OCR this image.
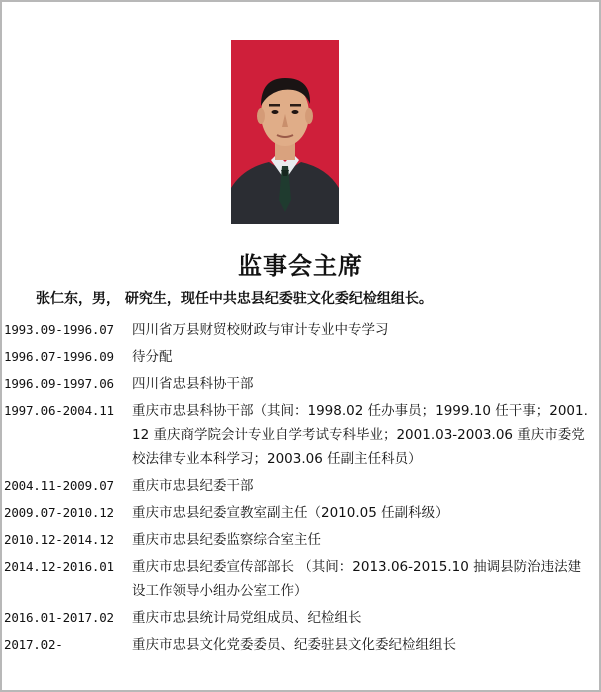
监事会主席
张仁东，男， 研究生，现任中共忠县纪委驻文化委纪检组组长。
1993.09-1996.07	四川省万县财贸校财政与审计专业中专学习
1996.07-1996.09	待分配
1996.09-1997.06	四川省忠县科协干部
1997.06-2004.11	重庆市忠县科协干部（其间：1998.02 任办事员；1999.10 任干事；2001.12 重庆商学院会计专业自学考试专科毕业；2001.03-2003.06 重庆市委党校法律专业本科学习；2003.06 任副主任科员）
2004.11-2009.07	重庆市忠县纪委干部
2009.07-2010.12	重庆市忠县纪委宣教室副主任（2010.05 任副科级）
2010.12-2014.12	重庆市忠县纪委监察综合室主任
2014.12-2016.01	重庆市忠县纪委宣传部部长 （其间：2013.06-2015.10 抽调县防治违法建设工作领导小组办公室工作）
2016.01-2017.02	重庆市忠县统计局党组成员、纪检组长
2017.02-	重庆市忠县文化党委委员、纪委驻县文化委纪检组组长
